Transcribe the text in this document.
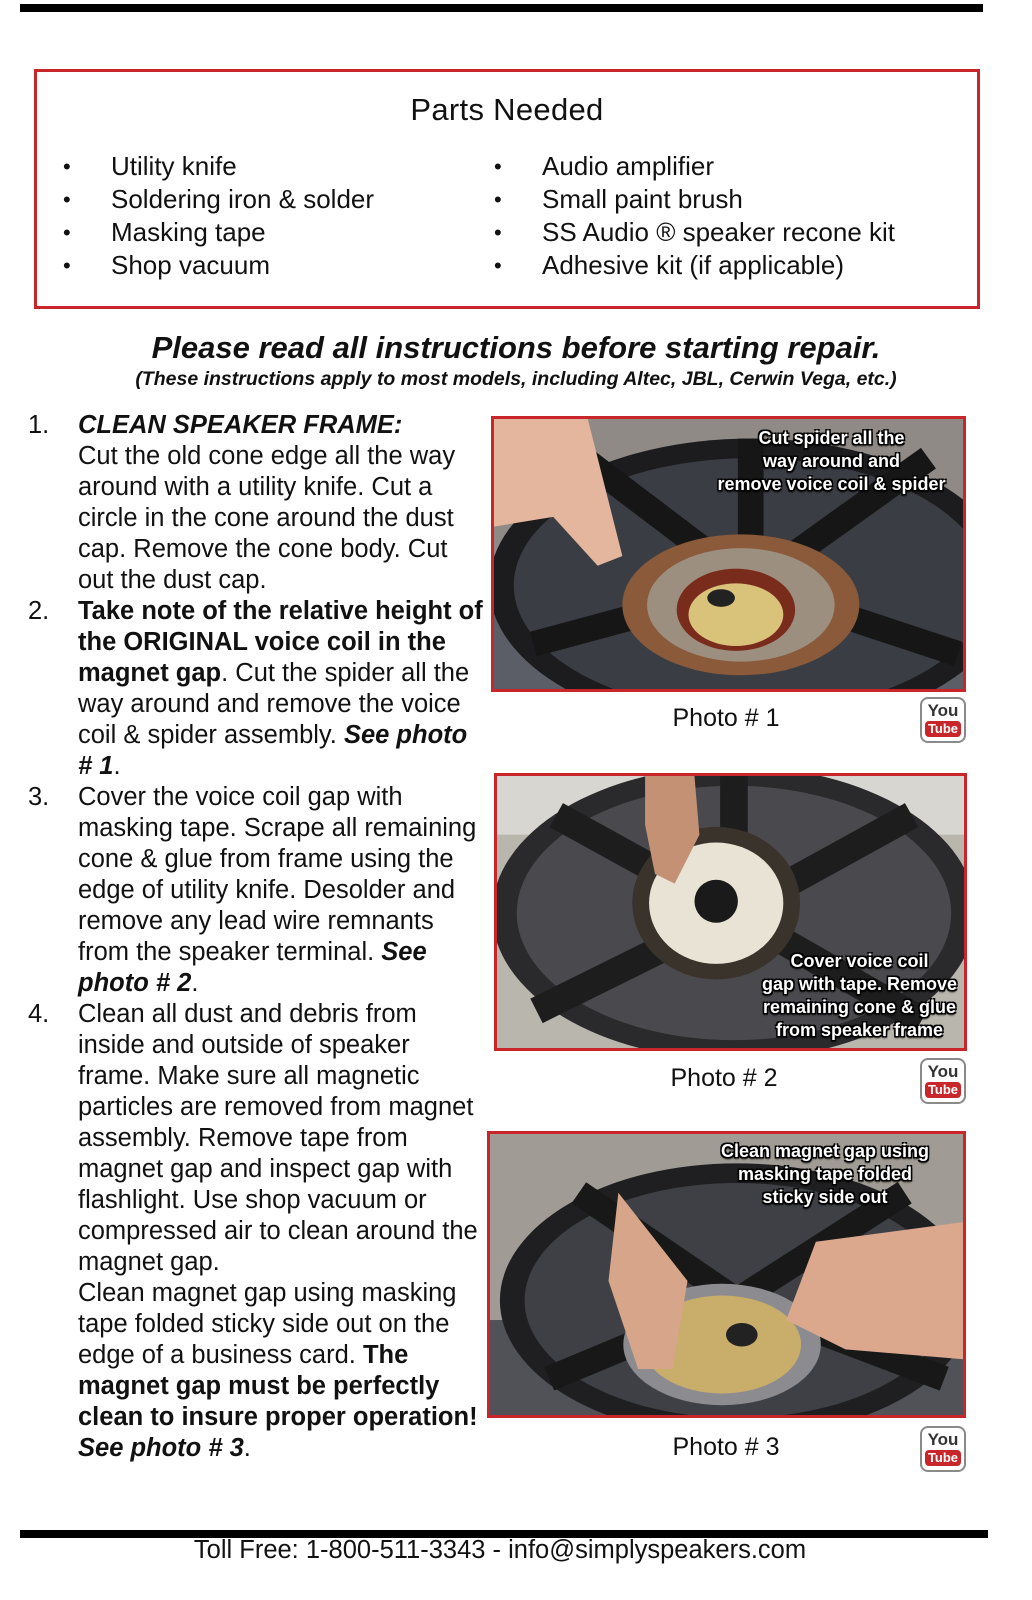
Parts Needed
• Utility knife
• Soldering iron & solder
• Masking tape
• Shop vacuum
• Audio amplifier
• Small paint brush
• SS Audio ® speaker recone kit
• Adhesive kit (if applicable)
Please read all instructions before starting repair.
(These instructions apply to most models, including Altec, JBL, Cerwin Vega, etc.)
1. CLEAN SPEAKER FRAME:
Cut the old cone edge all the way around with a utility knife. Cut a circle in the cone around the dust cap. Remove the cone body. Cut out the dust cap.
2. Take note of the relative height of the ORIGINAL voice coil in the magnet gap. Cut the spider all the way around and remove the voice coil & spider assembly. See photo # 1.
3. Cover the voice coil gap with masking tape. Scrape all remaining cone & glue from frame using the edge of utility knife. Desolder and remove any lead wire remnants from the speaker terminal. See photo # 2.
4. Clean all dust and debris from inside and outside of speaker frame. Make sure all magnetic particles are removed from magnet assembly. Remove tape from magnet gap and inspect gap with flashlight. Use shop vacuum or compressed air to clean around the magnet gap.
Clean magnet gap using masking tape folded sticky side out on the edge of a business card. The magnet gap must be perfectly clean to insure proper operation!
See photo # 3.
Cut spider all the
way around and
remove voice coil & spider
Photo # 1	You
Tube
Cover voice coil
gap with tape. Remove
remaining cone & glue
from speaker frame
Photo # 2	You
Tube
Clean magnet gap using
masking tape folded
sticky side out
Photo # 3	You
Tube
Toll Free: 1-800-511-3343 - info@simplyspeakers.com
